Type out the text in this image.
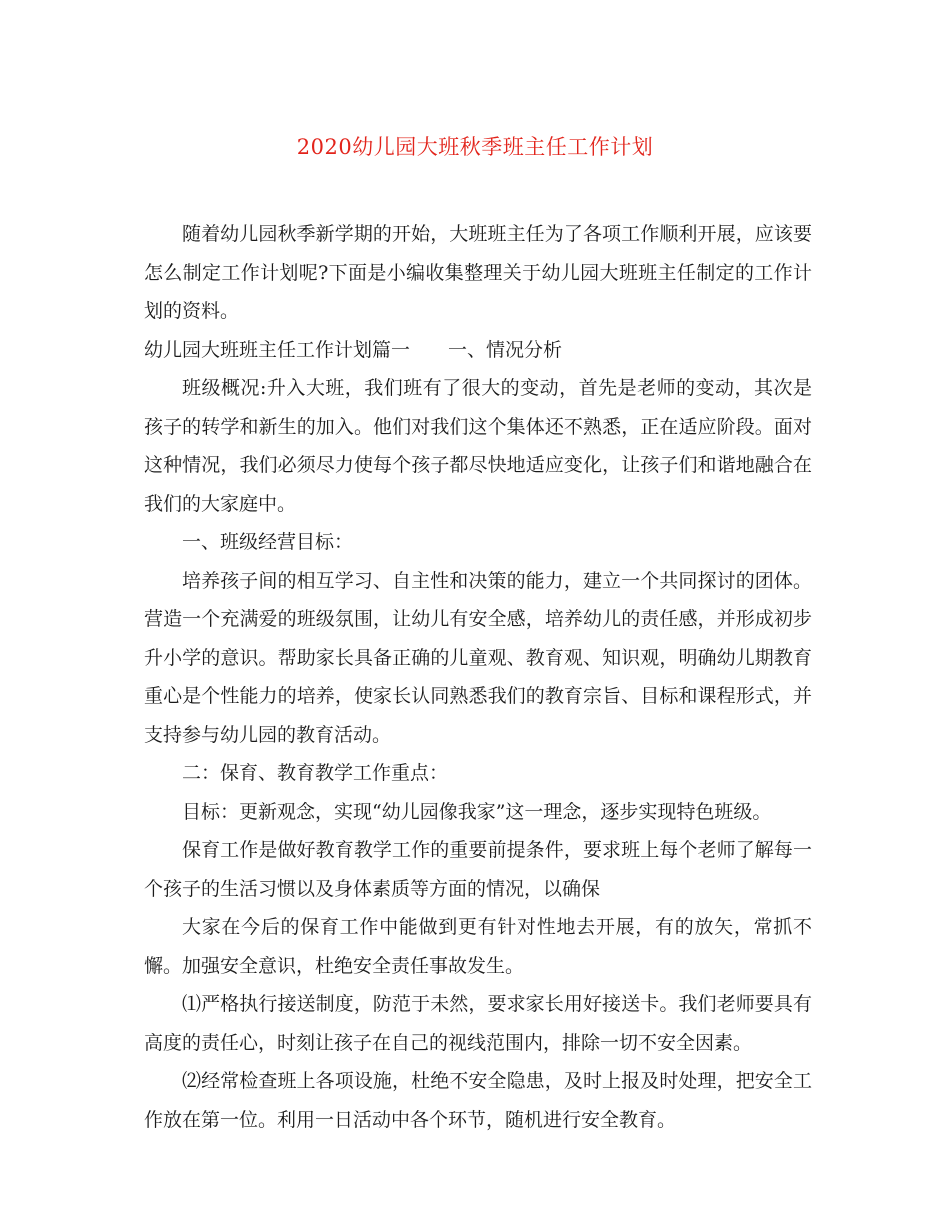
2020幼儿园大班秋季班主任工作计划

随着幼儿园秋季新学期的开始，大班班主任为了各项工作顺利开展，应该要怎么制定工作计划呢?下面是小编收集整理关于幼儿园大班班主任制定的工作计划的资料。

幼儿园大班班主任工作计划篇一 一、情况分析

班级概况:升入大班，我们班有了很大的变动，首先是老师的变动，其次是孩子的转学和新生的加入。他们对我们这个集体还不熟悉，正在适应阶段。面对这种情况，我们必须尽力使每个孩子都尽快地适应变化，让孩子们和谐地融合在我们的大家庭中。

一、班级经营目标：

培养孩子间的相互学习、自主性和决策的能力，建立一个共同探讨的团体。营造一个充满爱的班级氛围，让幼儿有安全感，培养幼儿的责任感，并形成初步升小学的意识。帮助家长具备正确的儿童观、教育观、知识观，明确幼儿期教育重心是个性能力的培养，使家长认同熟悉我们的教育宗旨、目标和课程形式，并支持参与幼儿园的教育活动。

二：保育、教育教学工作重点：

目标：更新观念，实现“幼儿园像我家”这一理念，逐步实现特色班级。

保育工作是做好教育教学工作的重要前提条件，要求班上每个老师了解每一个孩子的生活习惯以及身体素质等方面的情况，以确保

大家在今后的保育工作中能做到更有针对性地去开展，有的放矢，常抓不懈。加强安全意识，杜绝安全责任事故发生。

⑴严格执行接送制度，防范于未然，要求家长用好接送卡。我们老师要具有高度的责任心，时刻让孩子在自己的视线范围内，排除一切不安全因素。

⑵经常检查班上各项设施，杜绝不安全隐患，及时上报及时处理，把安全工作放在第一位。利用一日活动中各个环节，随机进行安全教育。
